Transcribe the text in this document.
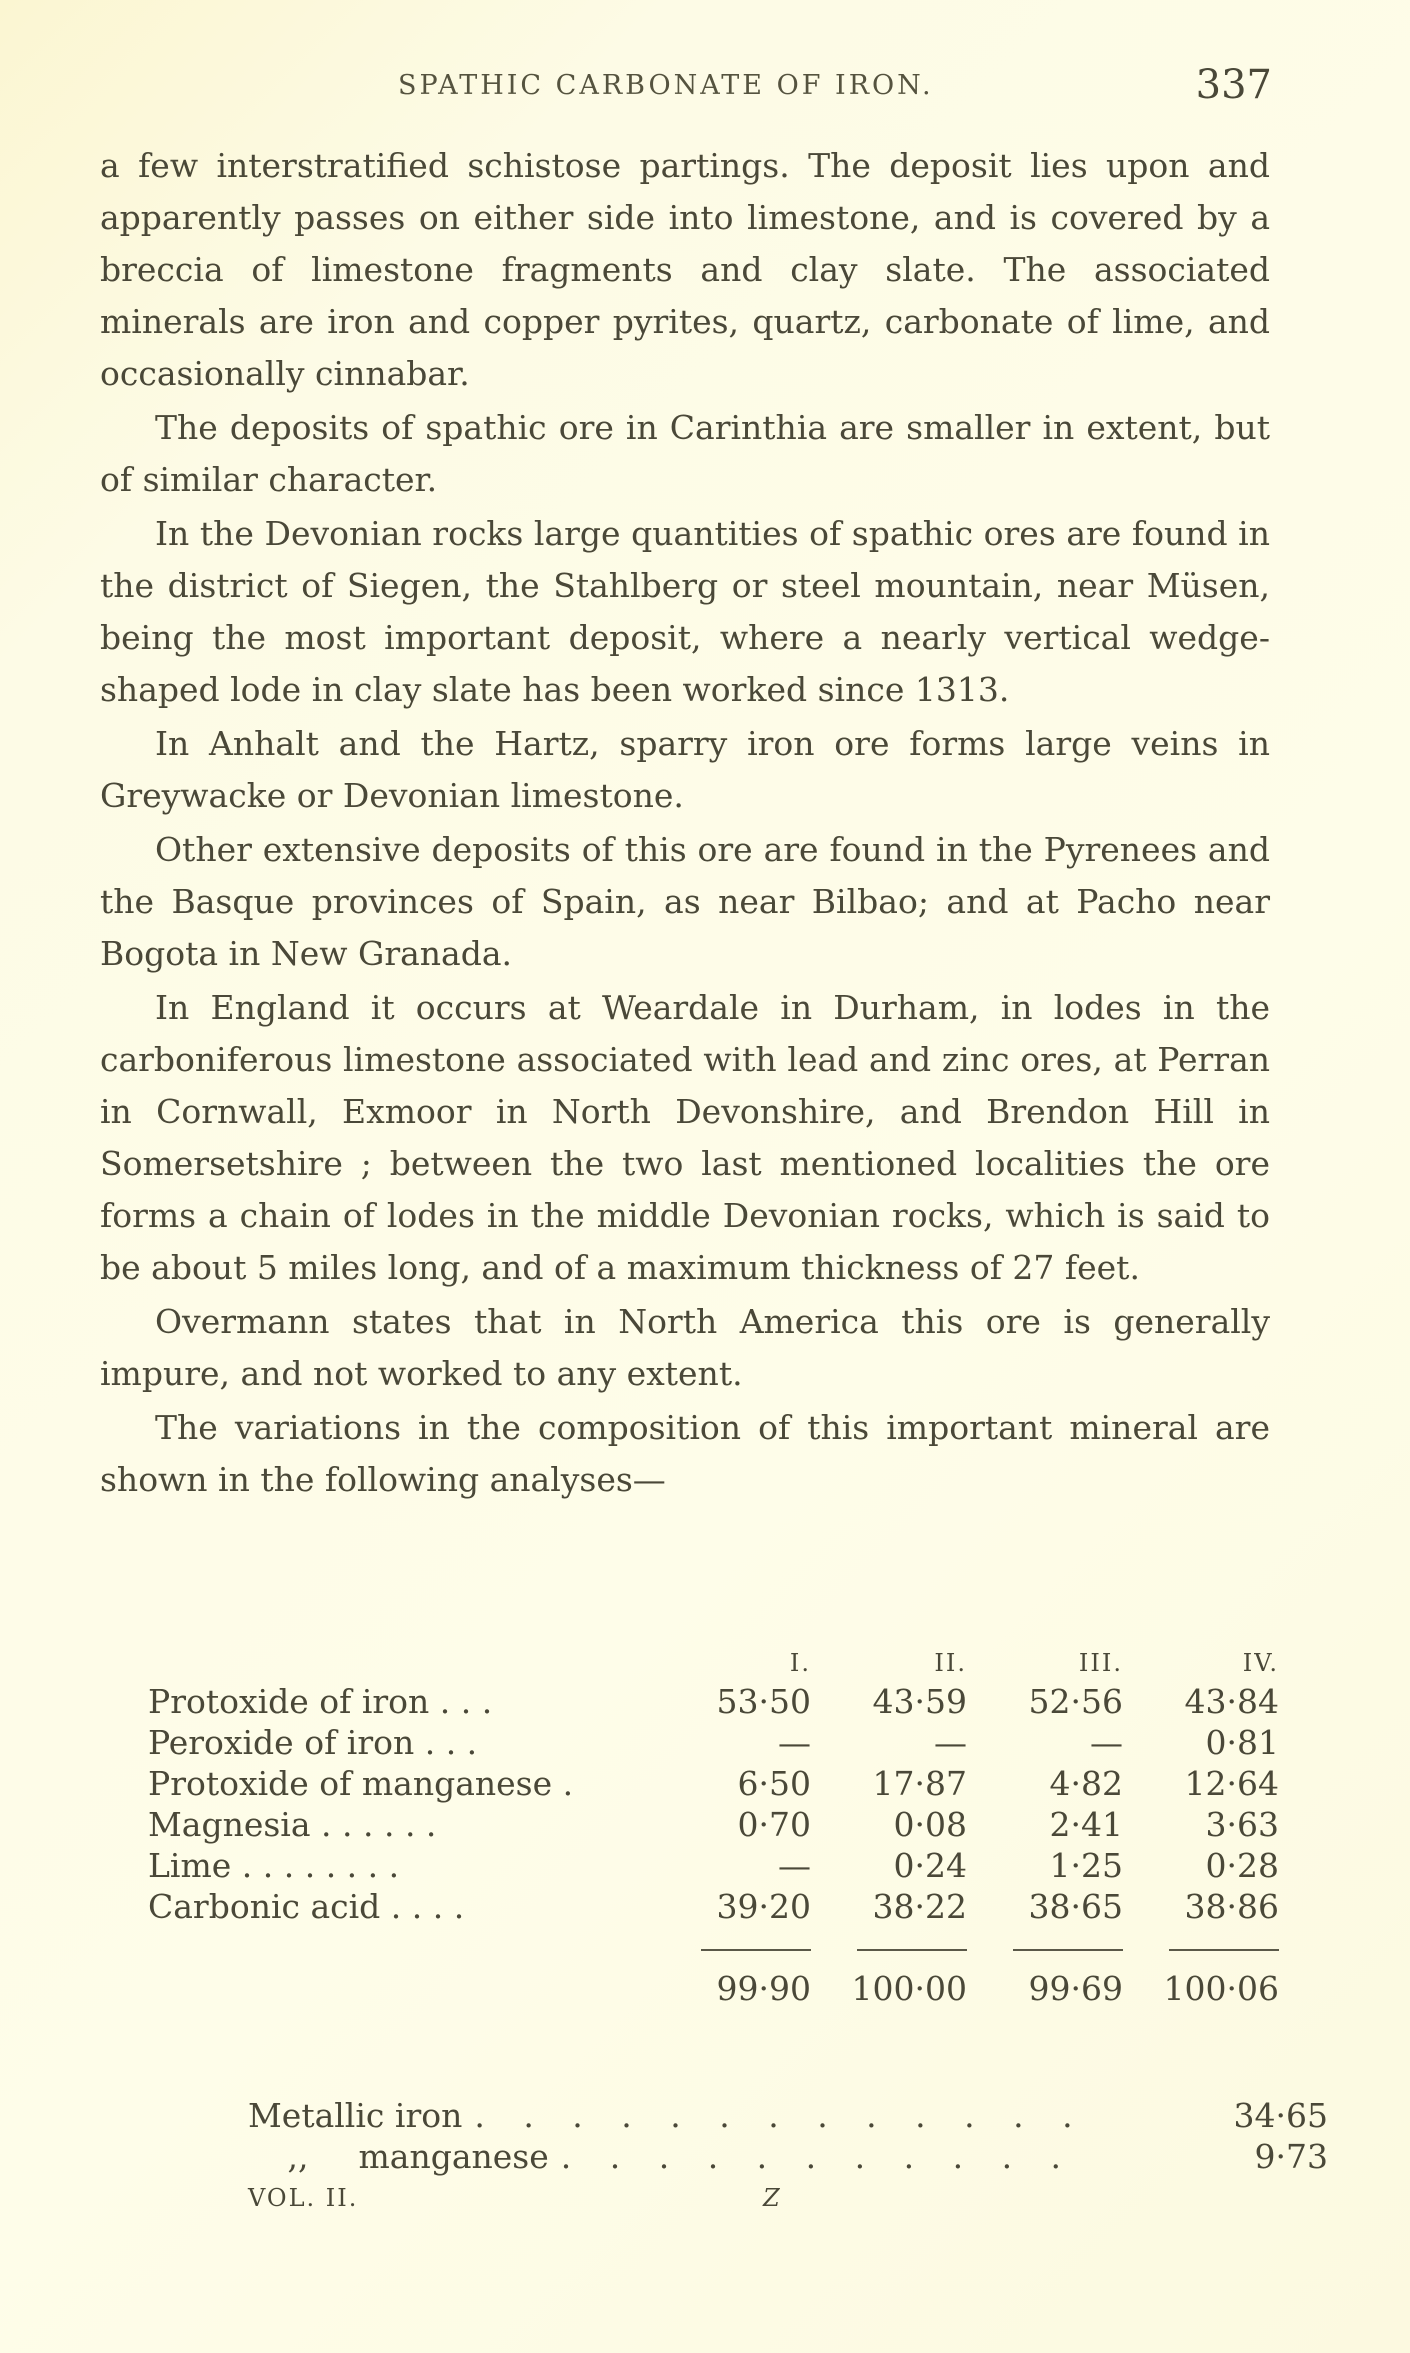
SPATHIC CARBONATE OF IRON.	337

a few interstratified schistose partings. The deposit lies upon and apparently passes on either side into limestone, and is covered by a breccia of limestone fragments and clay slate. The associated minerals are iron and copper pyrites, quartz, carbonate of lime, and occasionally cinnabar.

The deposits of spathic ore in Carinthia are smaller in extent, but of similar character.

In the Devonian rocks large quantities of spathic ores are found in the district of Siegen, the Stahlberg or steel mountain, near Müsen, being the most important deposit, where a nearly vertical wedge-shaped lode in clay slate has been worked since 1313.

In Anhalt and the Hartz, sparry iron ore forms large veins in Greywacke or Devonian limestone.

Other extensive deposits of this ore are found in the Pyrenees and the Basque provinces of Spain, as near Bilbao; and at Pacho near Bogota in New Granada.

In England it occurs at Weardale in Durham, in lodes in the carboniferous limestone associated with lead and zinc ores, at Perran in Cornwall, Exmoor in North Devonshire, and Brendon Hill in Somersetshire ; between the two last mentioned localities the ore forms a chain of lodes in the middle Devonian rocks, which is said to be about 5 miles long, and of a maximum thickness of 27 feet.

Overmann states that in North America this ore is generally impure, and not worked to any extent.

The variations in the composition of this important mineral are shown in the following analyses—

	I.	II.	III.	IV.
Protoxide of iron . . .	53·50	43·59	52·56	43·84
Peroxide of iron . . .	—	—	—	0·81
Protoxide of manganese .	6·50	17·87	4·82	12·64
Magnesia . . . . . .	0·70	0·08	2·41	3·63
Lime . . . . . . . .	—	0·24	1·25	0·28
Carbonic acid . . . .	39·20	38·22	38·65	38·86

	99·90	100·00	99·69	100·06
Metallic iron . . . . . . . . . . . . .	34·65
,, manganese . . . . . . . . . . .	9·73
VOL. II.	Z
